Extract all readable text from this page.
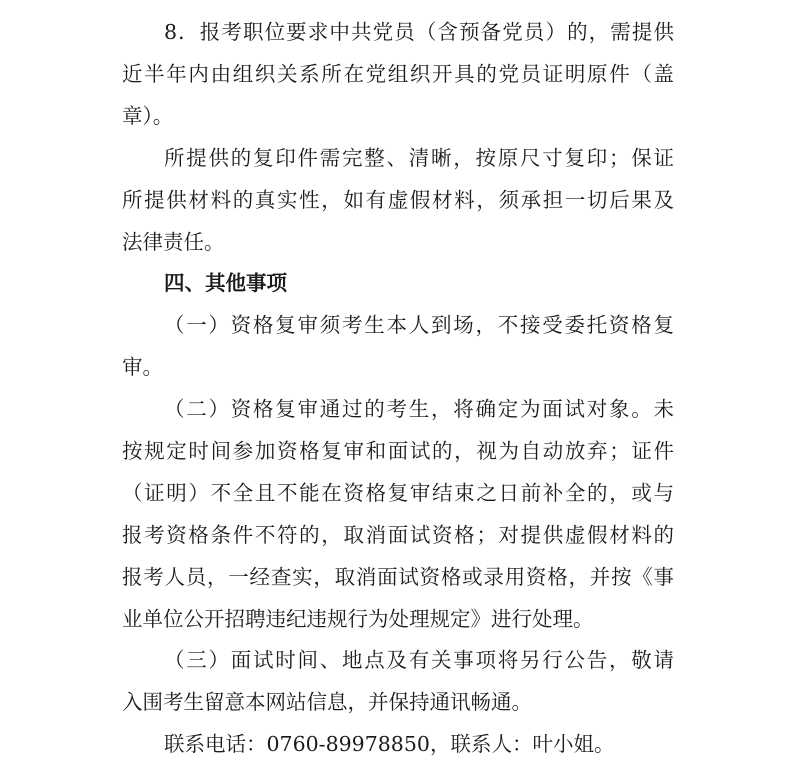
8．报考职位要求中共党员（含预备党员）的，需提供
近半年内由组织关系所在党组织开具的党员证明原件（盖
章）。
所提供的复印件需完整、清晰，按原尺寸复印；保证
所提供材料的真实性，如有虚假材料，须承担一切后果及
法律责任。
四、其他事项
（一）资格复审须考生本人到场，不接受委托资格复
审。
（二）资格复审通过的考生，将确定为面试对象。未
按规定时间参加资格复审和面试的，视为自动放弃；证件
（证明）不全且不能在资格复审结束之日前补全的，或与
报考资格条件不符的，取消面试资格；对提供虚假材料的
报考人员，一经查实，取消面试资格或录用资格，并按《事
业单位公开招聘违纪违规行为处理规定》进行处理。
（三）面试时间、地点及有关事项将另行公告，敬请
入围考生留意本网站信息，并保持通讯畅通。
联系电话：0760-89978850，联系人：叶小姐。
